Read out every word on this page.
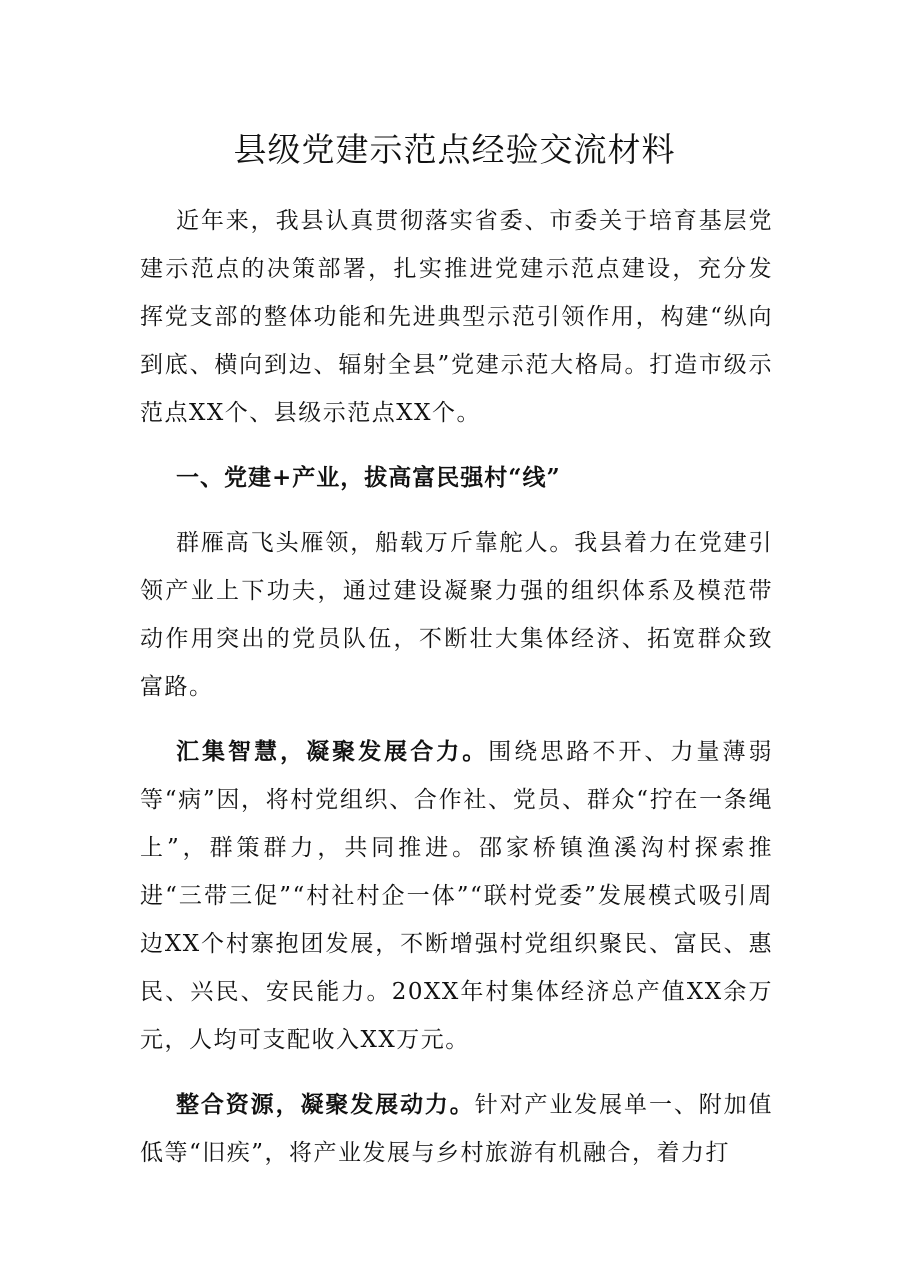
县级党建示范点经验交流材料

近年来，我县认真贯彻落实省委、市委关于培育基层党建示范点的决策部署，扎实推进党建示范点建设，充分发挥党支部的整体功能和先进典型示范引领作用，构建“纵向到底、横向到边、辐射全县”党建示范大格局。打造市级示范点XX个、县级示范点XX个。

一、党建+产业，拔高富民强村“线”

群雁高飞头雁领，船载万斤靠舵人。我县着力在党建引领产业上下功夫，通过建设凝聚力强的组织体系及模范带动作用突出的党员队伍，不断壮大集体经济、拓宽群众致富路。

汇集智慧，凝聚发展合力。围绕思路不开、力量薄弱等“病”因，将村党组织、合作社、党员、群众“拧在一条绳上”，群策群力，共同推进。邵家桥镇渔溪沟村探索推进“三带三促”“村社村企一体”“联村党委”发展模式吸引周边XX个村寨抱团发展，不断增强村党组织聚民、富民、惠民、兴民、安民能力。20XX年村集体经济总产值XX余万元，人均可支配收入XX万元。

整合资源，凝聚发展动力。针对产业发展单一、附加值低等“旧疾”，将产业发展与乡村旅游有机融合，着力打
